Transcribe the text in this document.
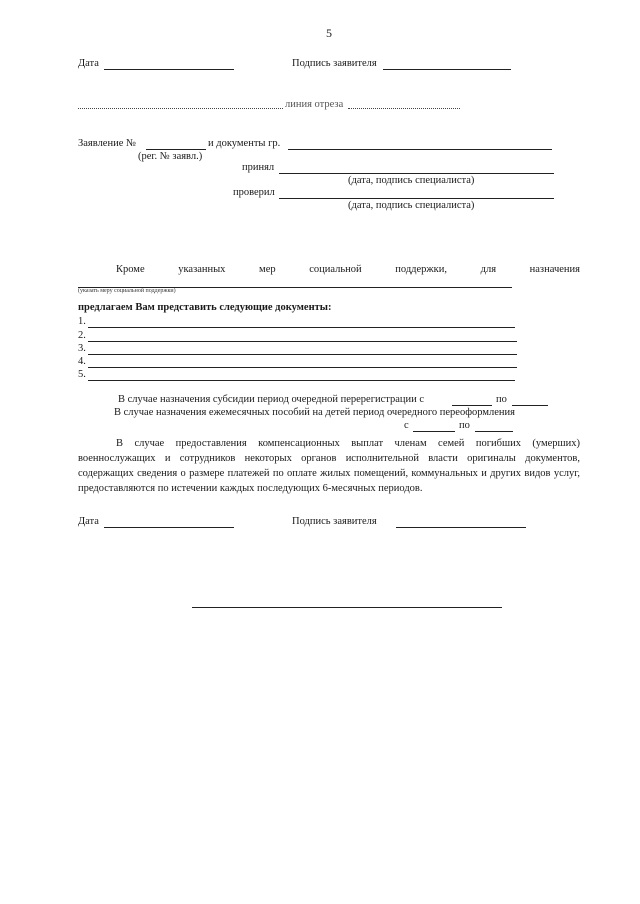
5
Дата	Подпись заявителя
линия отреза
Заявление №	и документы гр.
(рег. № заявл.)
принял
(дата, подпись специалиста)
проверил
(дата, подпись специалиста)
Кроме	указанных	мер	социальной	поддержки,	для	назначения
(указать меру социальной поддержки)
предлагаем Вам представить следующие документы:
1.
2.
3.
4.
5.
В случае назначения субсидии период очередной перерегистрации с	по
В случае назначения ежемесячных пособий на детей период очередного переоформления
с	по
В случае предоставления компенсационных выплат членам семей погибших (умерших) военнослужащих и сотрудников некоторых органов исполнительной власти оригиналы документов, содержащих сведения о размере платежей по оплате жилых помещений, коммунальных и других видов услуг, предоставляются по истечении каждых последующих 6-месячных периодов.
Дата	Подпись заявителя
